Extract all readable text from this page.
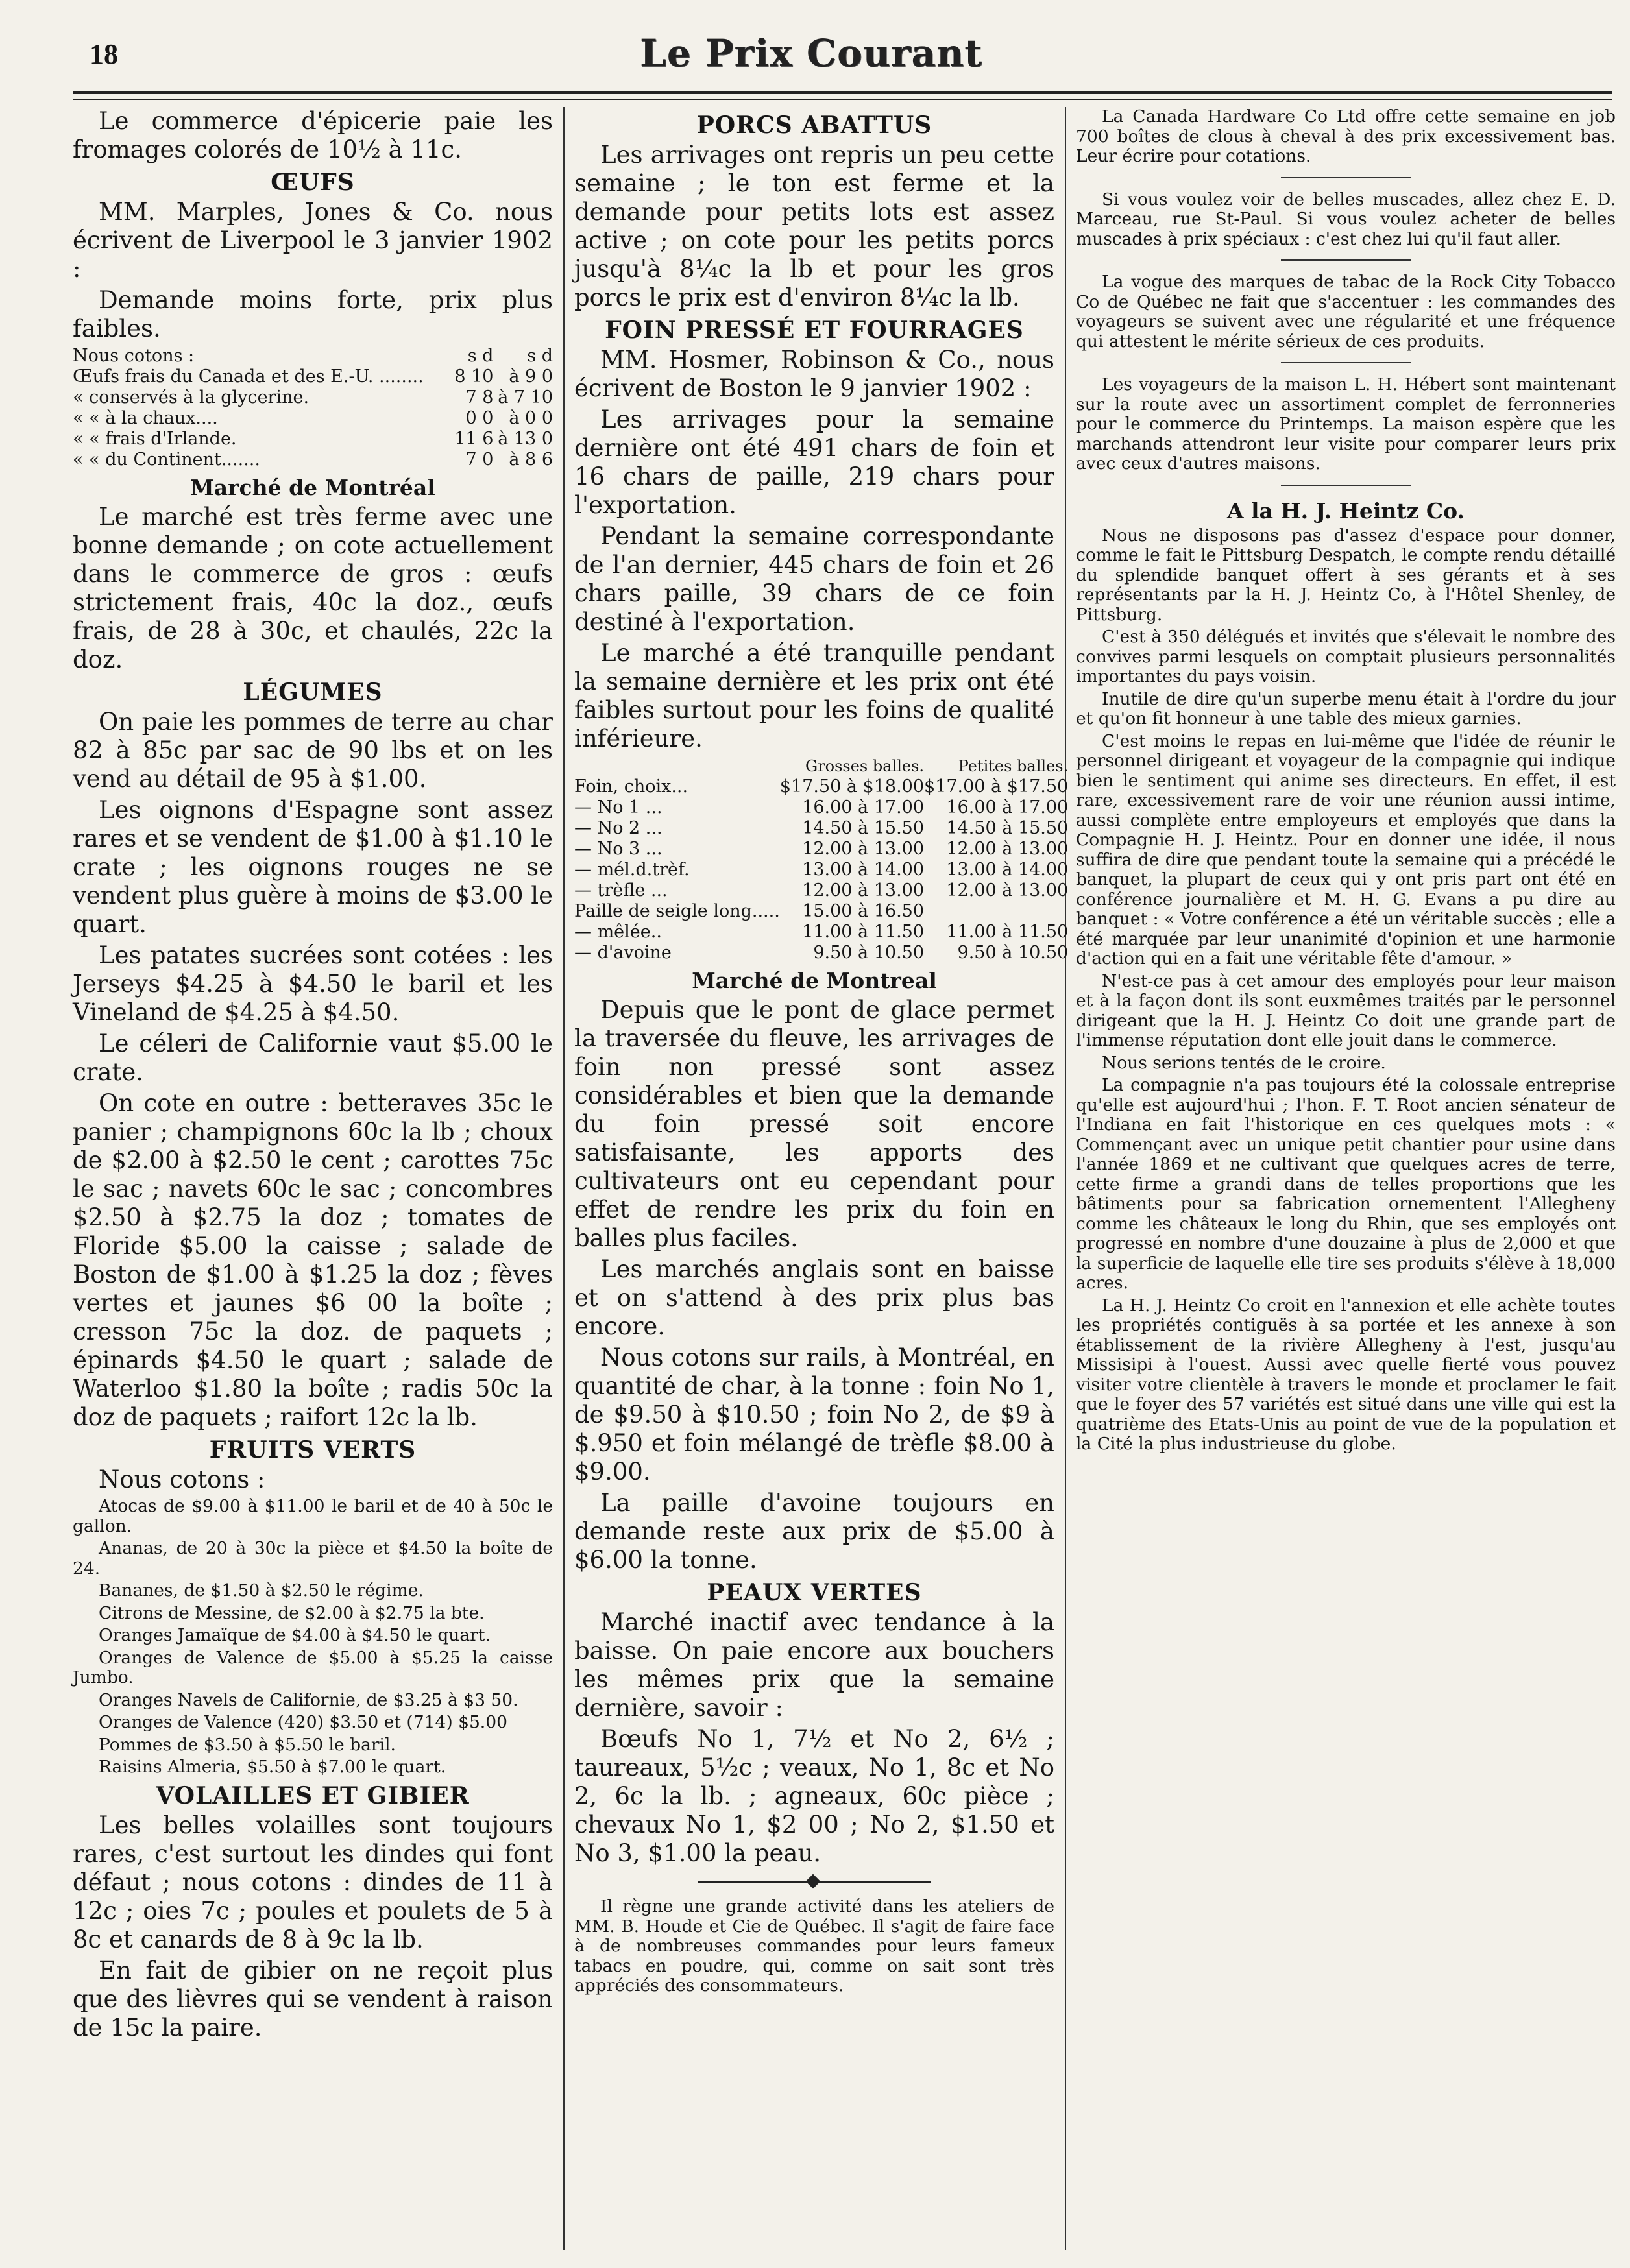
18	Le Prix Courant

Le commerce d'épicerie paie les fromages colorés de 10½ à 11c.

ŒUFS

MM. Marples, Jones & Co. nous écrivent de Liverpool le 3 janvier 1902 :

Demande moins forte, prix plus faibles.

Nous cotons :	s d	s d
Œufs frais du Canada et des E.-U. ........	8 10	à 9 0
« conservés à la glycerine.	7 8	à 7 10
« « à la chaux....	0 0	à 0 0
« « frais d'Irlande.	11 6	à 13 0
« « du Continent.......	7 0	à 8 6
Marché de Montréal

Le marché est très ferme avec une bonne demande ; on cote actuellement dans le commerce de gros : œufs strictement frais, 40c la doz., œufs frais, de 28 à 30c, et chaulés, 22c la doz.

LÉGUMES

On paie les pommes de terre au char 82 à 85c par sac de 90 lbs et on les vend au détail de 95 à $1.00.

Les oignons d'Espagne sont assez rares et se vendent de $1.00 à $1.10 le crate ; les oignons rouges ne se vendent plus guère à moins de $3.00 le quart.

Les patates sucrées sont cotées : les Jerseys $4.25 à $4.50 le baril et les Vineland de $4.25 à $4.50.

Le céleri de Californie vaut $5.00 le crate.

On cote en outre : betteraves 35c le panier ; champignons 60c la lb ; choux de $2.00 à $2.50 le cent ; carottes 75c le sac ; navets 60c le sac ; concombres $2.50 à $2.75 la doz ; tomates de Floride $5.00 la caisse ; salade de Boston de $1.00 à $1.25 la doz ; fèves vertes et jaunes $6 00 la boîte ; cresson 75c la doz. de paquets ; épinards $4.50 le quart ; salade de Waterloo $1.80 la boîte ; radis 50c la doz de paquets ; raifort 12c la lb.

FRUITS VERTS

Nous cotons :

Atocas de $9.00 à $11.00 le baril et de 40 à 50c le gallon.

Ananas, de 20 à 30c la pièce et $4.50 la boîte de 24.

Bananes, de $1.50 à $2.50 le régime.

Citrons de Messine, de $2.00 à $2.75 la bte.

Oranges Jamaïque de $4.00 à $4.50 le quart.

Oranges de Valence de $5.00 à $5.25 la caisse Jumbo.

Oranges Navels de Californie, de $3.25 à $3 50.

Oranges de Valence (420) $3.50 et (714) $5.00

Pommes de $3.50 à $5.50 le baril.

Raisins Almeria, $5.50 à $7.00 le quart.

VOLAILLES ET GIBIER

Les belles volailles sont toujours rares, c'est surtout les dindes qui font défaut ; nous cotons : dindes de 11 à 12c ; oies 7c ; poules et poulets de 5 à 8c et canards de 8 à 9c la lb.

En fait de gibier on ne reçoit plus que des lièvres qui se vendent à raison de 15c la paire.

PORCS ABATTUS

Les arrivages ont repris un peu cette semaine ; le ton est ferme et la demande pour petits lots est assez active ; on cote pour les petits porcs jusqu'à 8¼c la lb et pour les gros porcs le prix est d'environ 8¼c la lb.

FOIN PRESSÉ ET FOURRAGES

MM. Hosmer, Robinson & Co., nous écrivent de Boston le 9 janvier 1902 :

Les arrivages pour la semaine dernière ont été 491 chars de foin et 16 chars de paille, 219 chars pour l'exportation.

Pendant la semaine correspondante de l'an dernier, 445 chars de foin et 26 chars paille, 39 chars de ce foin destiné à l'exportation.

Le marché a été tranquille pendant la semaine dernière et les prix ont été faibles surtout pour les foins de qualité inférieure.

	Grosses balles.	Petites balles.
Foin, choix...	$17.50 à $18.00	$17.00 à $17.50
— No 1 ...	16.00 à 17.00	16.00 à 17.00
— No 2 ...	14.50 à 15.50	14.50 à 15.50
— No 3 ...	12.00 à 13.00	12.00 à 13.00
— mél.d.trèf.	13.00 à 14.00	13.00 à 14.00
— trèfle ...	12.00 à 13.00	12.00 à 13.00
Paille de seigle long.....	15.00 à 16.50	
— mêlée..	11.00 à 11.50	11.00 à 11.50
— d'avoine	9.50 à 10.50	9.50 à 10.50
Marché de Montreal

Depuis que le pont de glace permet la traversée du fleuve, les arrivages de foin non pressé sont assez considérables et bien que la demande du foin pressé soit encore satisfaisante, les apports des cultivateurs ont eu cependant pour effet de rendre les prix du foin en balles plus faciles.

Les marchés anglais sont en baisse et on s'attend à des prix plus bas encore.

Nous cotons sur rails, à Montréal, en quantité de char, à la tonne : foin No 1, de $9.50 à $10.50 ; foin No 2, de $9 à $.950 et foin mélangé de trèfle $8.00 à $9.00.

La paille d'avoine toujours en demande reste aux prix de $5.00 à $6.00 la tonne.

PEAUX VERTES

Marché inactif avec tendance à la baisse. On paie encore aux bouchers les mêmes prix que la semaine dernière, savoir :

Bœufs No 1, 7½ et No 2, 6½ ; taureaux, 5½c ; veaux, No 1, 8c et No 2, 6c la lb. ; agneaux, 60c pièce ; chevaux No 1, $2 00 ; No 2, $1.50 et No 3, $1.00 la peau.

Il règne une grande activité dans les ateliers de MM. B. Houde et Cie de Québec. Il s'agit de faire face à de nombreuses commandes pour leurs fameux tabacs en poudre, qui, comme on sait sont très appréciés des consommateurs.

La Canada Hardware Co Ltd offre cette semaine en job 700 boîtes de clous à cheval à des prix excessivement bas. Leur écrire pour cotations.

Si vous voulez voir de belles muscades, allez chez E. D. Marceau, rue St-Paul. Si vous voulez acheter de belles muscades à prix spéciaux : c'est chez lui qu'il faut aller.

La vogue des marques de tabac de la Rock City Tobacco Co de Québec ne fait que s'accentuer : les commandes des voyageurs se suivent avec une régularité et une fréquence qui attestent le mérite sérieux de ces produits.

Les voyageurs de la maison L. H. Hébert sont maintenant sur la route avec un assortiment complet de ferronneries pour le commerce du Printemps. La maison espère que les marchands attendront leur visite pour comparer leurs prix avec ceux d'autres maisons.

A la H. J. Heintz Co.

Nous ne disposons pas d'assez d'espace pour donner, comme le fait le Pittsburg Despatch, le compte rendu détaillé du splendide banquet offert à ses gérants et à ses représentants par la H. J. Heintz Co, à l'Hôtel Shenley, de Pittsburg.

C'est à 350 délégués et invités que s'élevait le nombre des convives parmi lesquels on comptait plusieurs personnalités importantes du pays voisin.

Inutile de dire qu'un superbe menu était à l'ordre du jour et qu'on fit honneur à une table des mieux garnies.

C'est moins le repas en lui-même que l'idée de réunir le personnel dirigeant et voyageur de la compagnie qui indique bien le sentiment qui anime ses directeurs. En effet, il est rare, excessivement rare de voir une réunion aussi intime, aussi complète entre employeurs et employés que dans la Compagnie H. J. Heintz. Pour en donner une idée, il nous suffira de dire que pendant toute la semaine qui a précédé le banquet, la plupart de ceux qui y ont pris part ont été en conférence journalière et M. H. G. Evans a pu dire au banquet : « Votre conférence a été un véritable succès ; elle a été marquée par leur unanimité d'opinion et une harmonie d'action qui en a fait une véritable fête d'amour. »

N'est-ce pas à cet amour des employés pour leur maison et à la façon dont ils sont euxmêmes traités par le personnel dirigeant que la H. J. Heintz Co doit une grande part de l'immense réputation dont elle jouit dans le commerce.

Nous serions tentés de le croire.

La compagnie n'a pas toujours été la colossale entreprise qu'elle est aujourd'hui ; l'hon. F. T. Root ancien sénateur de l'Indiana en fait l'historique en ces quelques mots : « Commençant avec un unique petit chantier pour usine dans l'année 1869 et ne cultivant que quelques acres de terre, cette firme a grandi dans de telles proportions que les bâtiments pour sa fabrication ornementent l'Allegheny comme les châteaux le long du Rhin, que ses employés ont progressé en nombre d'une douzaine à plus de 2,000 et que la superficie de laquelle elle tire ses produits s'élève à 18,000 acres.

La H. J. Heintz Co croit en l'annexion et elle achète toutes les propriétés contiguës à sa portée et les annexe à son établissement de la rivière Allegheny à l'est, jusqu'au Missisipi à l'ouest. Aussi avec quelle fierté vous pouvez visiter votre clientèle à travers le monde et proclamer le fait que le foyer des 57 variétés est situé dans une ville qui est la quatrième des Etats-Unis au point de vue de la population et la Cité la plus industrieuse du globe.
